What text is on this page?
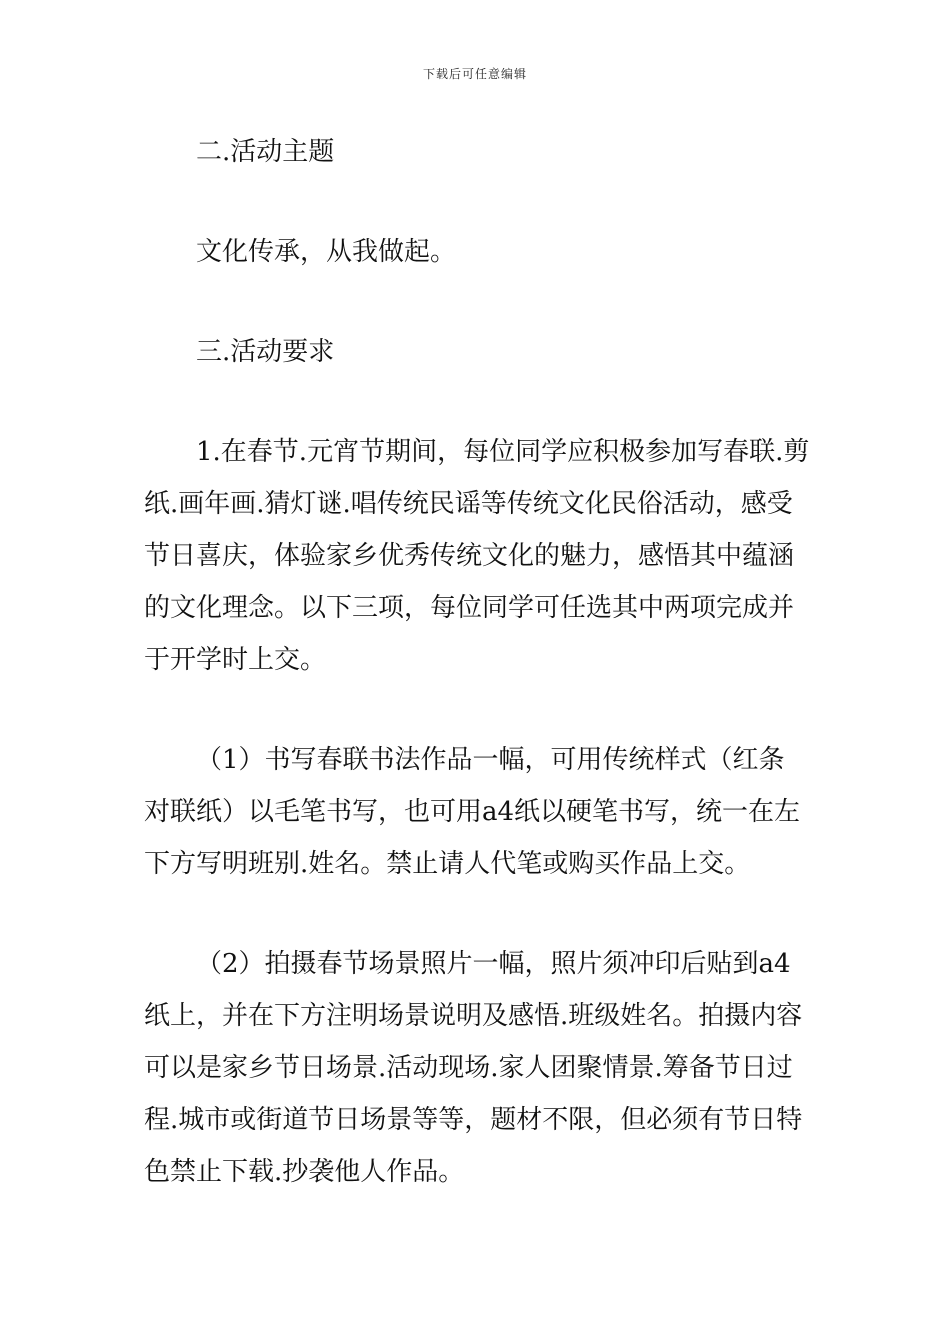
下载后可任意编辑

二.活动主题

文化传承，从我做起。

三.活动要求

1.在春节.元宵节期间，每位同学应积极参加写春联.剪纸.画年画.猜灯谜.唱传统民谣等传统文化民俗活动，感受节日喜庆，体验家乡优秀传统文化的魅力，感悟其中蕴涵的文化理念。以下三项，每位同学可任选其中两项完成并于开学时上交。

（1）书写春联书法作品一幅，可用传统样式（红条对联纸）以毛笔书写，也可用a4纸以硬笔书写，统一在左下方写明班别.姓名。禁止请人代笔或购买作品上交。

（2）拍摄春节场景照片一幅，照片须冲印后贴到a4纸上，并在下方注明场景说明及感悟.班级姓名。拍摄内容可以是家乡节日场景.活动现场.家人团聚情景.筹备节日过程.城市或街道节日场景等等，题材不限，但必须有节日特色禁止下载.抄袭他人作品。
